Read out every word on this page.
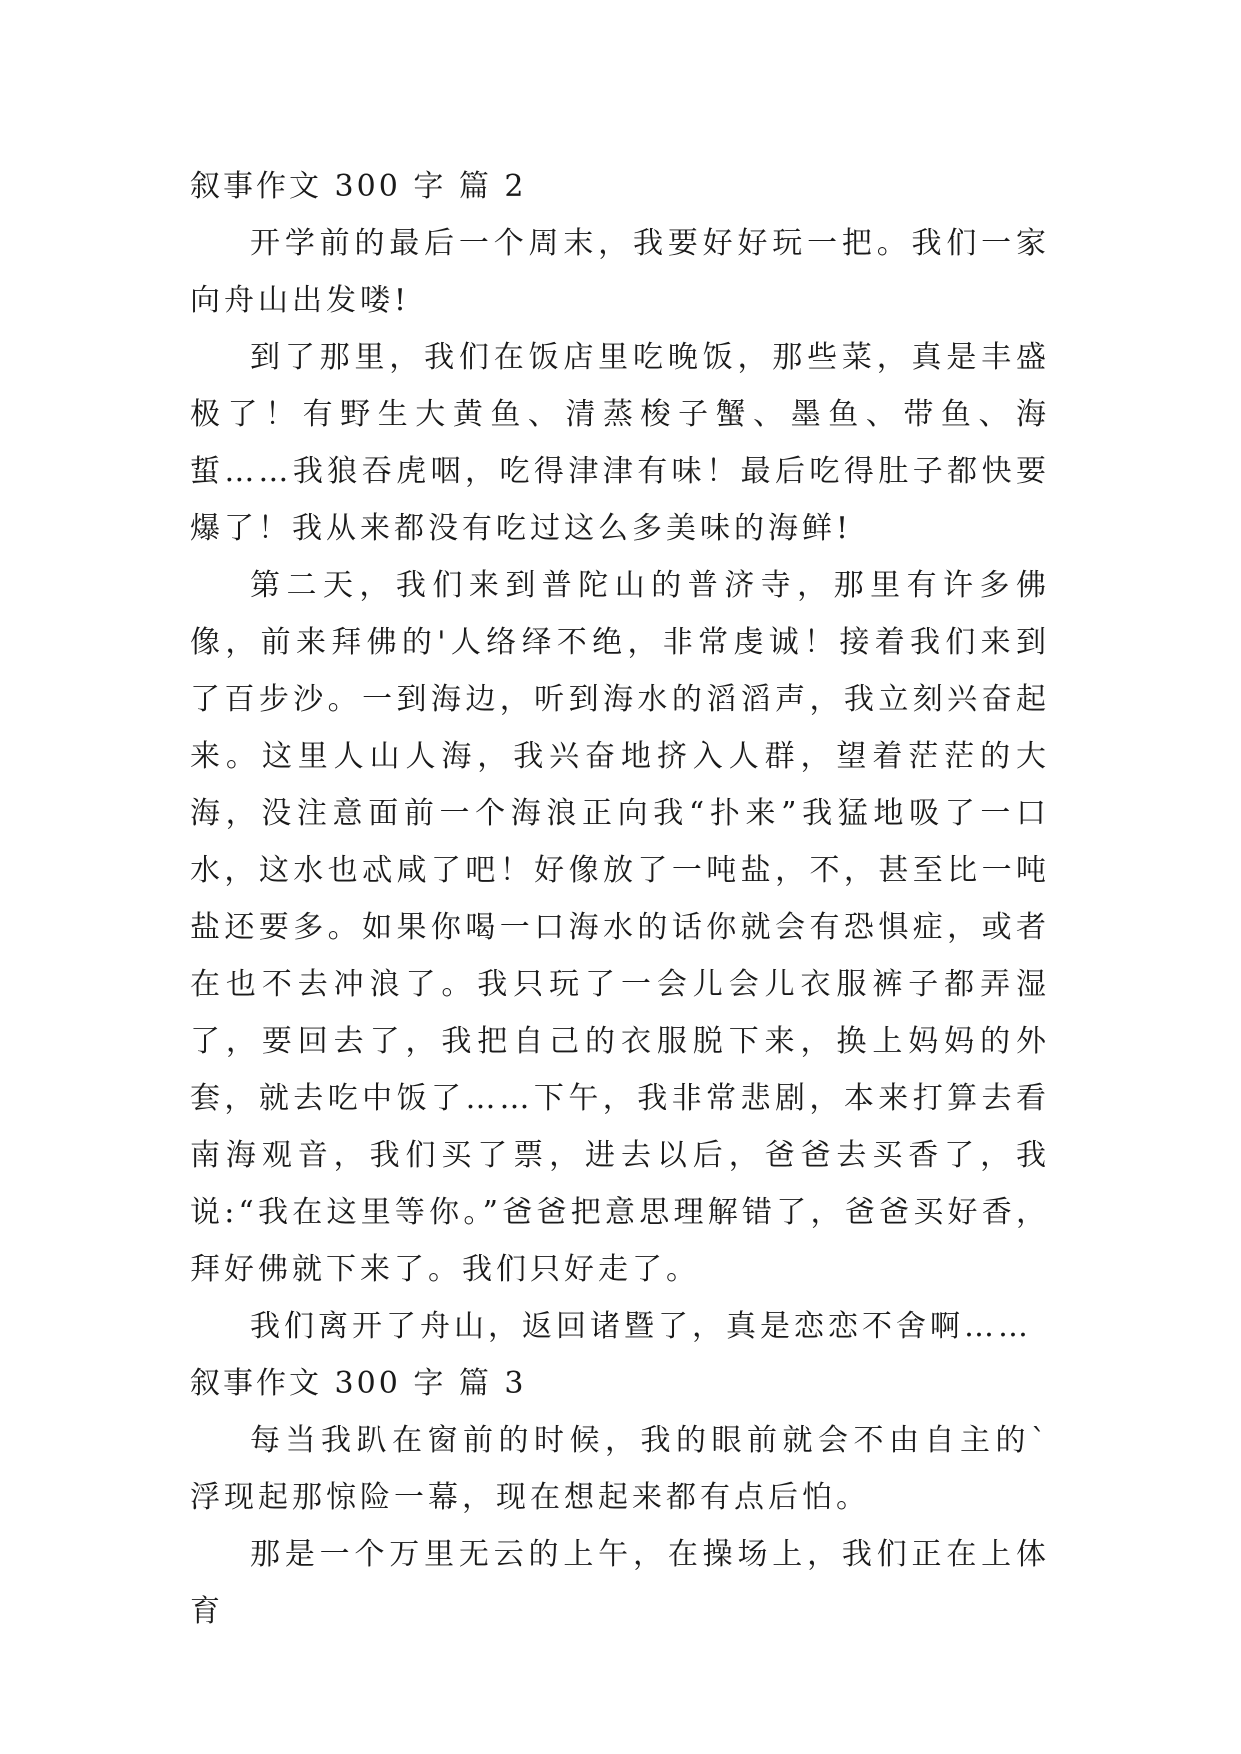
叙事作文 300 字 篇 2

开学前的最后一个周末，我要好好玩一把。我们一家向舟山出发喽!

到了那里，我们在饭店里吃晚饭，那些菜，真是丰盛极了！有野生大黄鱼、清蒸梭子蟹、墨鱼、带鱼、海蜇……我狼吞虎咽，吃得津津有味！最后吃得肚子都快要爆了！我从来都没有吃过这么多美味的海鲜!

第二天，我们来到普陀山的普济寺，那里有许多佛像，前来拜佛的'人络绎不绝，非常虔诚！接着我们来到了百步沙。一到海边，听到海水的滔滔声，我立刻兴奋起来。这里人山人海，我兴奋地挤入人群，望着茫茫的大海，没注意面前一个海浪正向我“扑来”我猛地吸了一口水，这水也忒咸了吧！好像放了一吨盐，不，甚至比一吨盐还要多。如果你喝一口海水的话你就会有恐惧症，或者在也不去冲浪了。我只玩了一会儿会儿衣服裤子都弄湿了，要回去了，我把自己的衣服脱下来，换上妈妈的外套，就去吃中饭了……下午，我非常悲剧，本来打算去看南海观音，我们买了票，进去以后，爸爸去买香了，我说:“我在这里等你。”爸爸把意思理解错了，爸爸买好香，拜好佛就下来了。我们只好走了。

我们离开了舟山，返回诸暨了，真是恋恋不舍啊……

叙事作文 300 字 篇 3

每当我趴在窗前的时候，我的眼前就会不由自主的`浮现起那惊险一幕，现在想起来都有点后怕。

那是一个万里无云的上午，在操场上，我们正在上体育
